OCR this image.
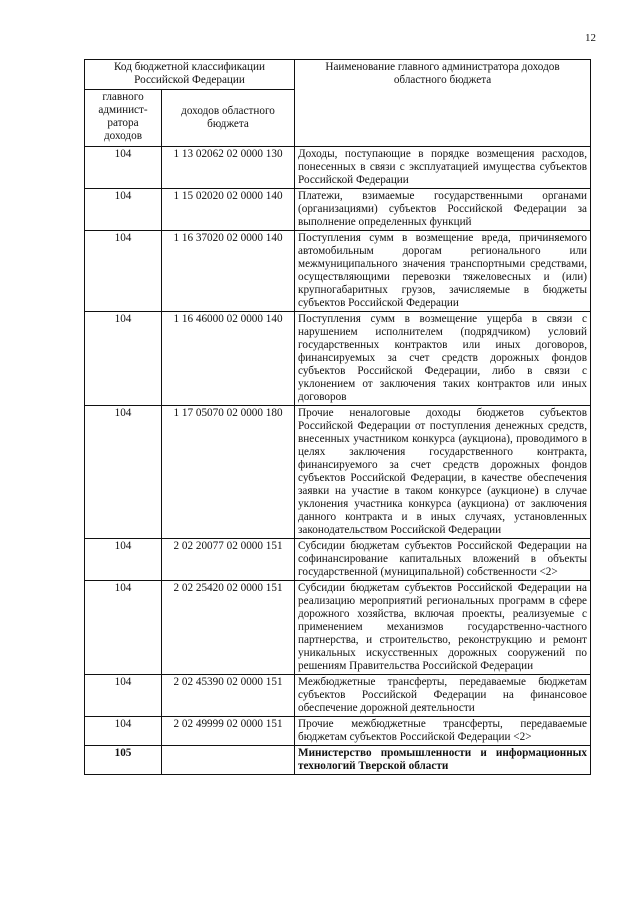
12
Код бюджетной классификации Российской Федерации		Наименование главного администратора доходов областного бюджета
главного админист-ратора доходов	доходов областного бюджета	
104	1 13 02062 02 0000 130	Доходы, поступающие в порядке возмещения расходов, понесенных в связи с эксплуатацией имущества субъектов Российской Федерации
104	1 15 02020 02 0000 140	Платежи, взимаемые государственными органами (организациями) субъектов Российской Федерации за выполнение определенных функций
104	1 16 37020 02 0000 140	Поступления сумм в возмещение вреда, причиняемого автомобильным дорогам регионального или межмуниципального значения транспортными средствами, осуществляющими перевозки тяжеловесных и (или) крупногабаритных грузов, зачисляемые в бюджеты субъектов Российской Федерации
104	1 16 46000 02 0000 140	Поступления сумм в возмещение ущерба в связи с нарушением исполнителем (подрядчиком) условий государственных контрактов или иных договоров, финансируемых за счет средств дорожных фондов субъектов Российской Федерации, либо в связи с уклонением от заключения таких контрактов или иных договоров
104	1 17 05070 02 0000 180	Прочие неналоговые доходы бюджетов субъектов Российской Федерации от поступления денежных средств, внесенных участником конкурса (аукциона), проводимого в целях заключения государственного контракта, финансируемого за счет средств дорожных фондов субъектов Российской Федерации, в качестве обеспечения заявки на участие в таком конкурсе (аукционе) в случае уклонения участника конкурса (аукциона) от заключения данного контракта и в иных случаях, установленных законодательством Российской Федерации
104	2 02 20077 02 0000 151	Субсидии бюджетам субъектов Российской Федерации на софинансирование капитальных вложений в объекты государственной (муниципальной) собственности <2>
104	2 02 25420 02 0000 151	Субсидии бюджетам субъектов Российской Федерации на реализацию мероприятий региональных программ в сфере дорожного хозяйства, включая проекты, реализуемые с применением механизмов государственно-частного партнерства, и строительство, реконструкцию и ремонт уникальных искусственных дорожных сооружений по решениям Правительства Российской Федерации
104	2 02 45390 02 0000 151	Межбюджетные трансферты, передаваемые бюджетам субъектов Российской Федерации на финансовое обеспечение дорожной деятельности
104	2 02 49999 02 0000 151	Прочие межбюджетные трансферты, передаваемые бюджетам субъектов Российской Федерации <2>
105		Министерство промышленности и информационных технологий Тверской области
